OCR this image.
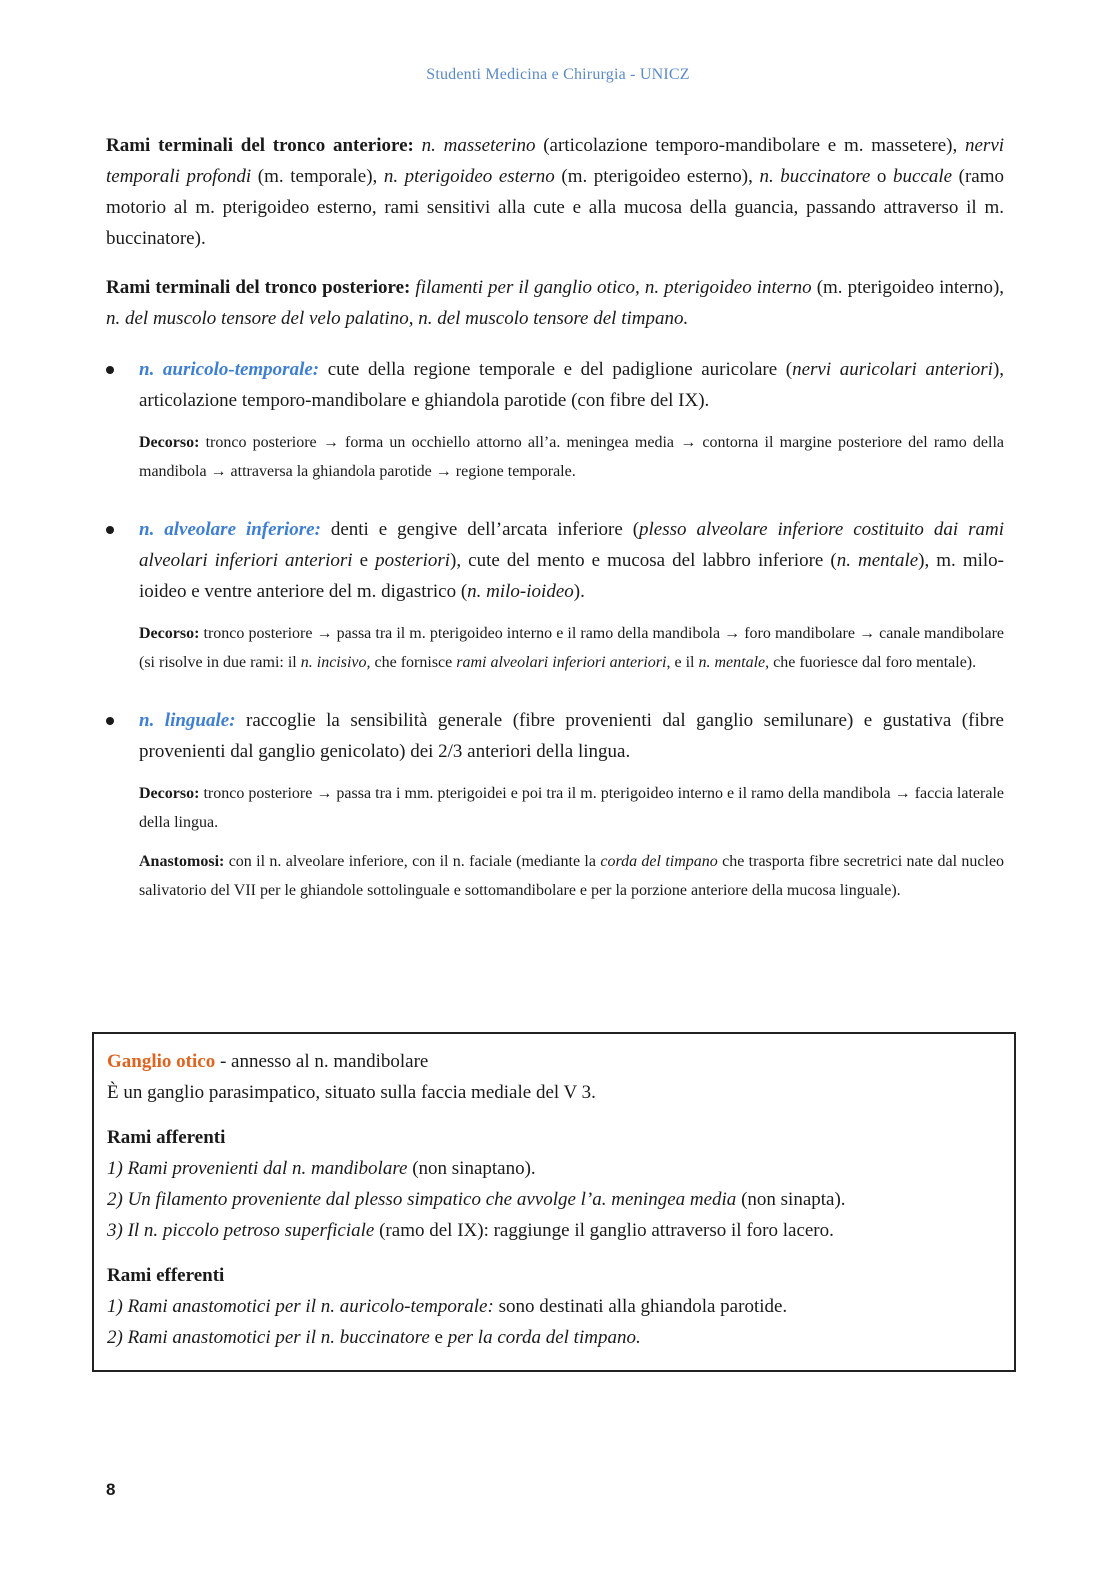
Studenti Medicina e Chirurgia - UNICZ

Rami terminali del tronco anteriore: n. masseterino (articolazione temporo-mandibolare e m. massetere), nervi temporali profondi (m. temporale), n. pterigoideo esterno (m. pterigoideo esterno), n. buccinatore o buccale (ramo motorio al m. pterigoideo esterno, rami sensitivi alla cute e alla mucosa della guancia, passando attraverso il m. buccinatore).

Rami terminali del tronco posteriore: filamenti per il ganglio otico, n. pterigoideo interno (m. pterigoideo interno), n. del muscolo tensore del velo palatino, n. del muscolo tensore del timpano.

n. auricolo-temporale: cute della regione temporale e del padiglione auricolare (nervi auricolari anteriori), articolazione temporo-mandibolare e ghiandola parotide (con fibre del IX).

Decorso: tronco posteriore → forma un occhiello attorno all’a. meningea media → contorna il margine posteriore del ramo della mandibola → attraversa la ghiandola parotide → regione temporale.

n. alveolare inferiore: denti e gengive dell’arcata inferiore (plesso alveolare inferiore costituito dai rami alveolari inferiori anteriori e posteriori), cute del mento e mucosa del labbro inferiore (n. mentale), m. milo-ioideo e ventre anteriore del m. digastrico (n. milo-ioideo).

Decorso: tronco posteriore → passa tra il m. pterigoideo interno e il ramo della mandibola → foro mandibolare → canale mandibolare (si risolve in due rami: il n. incisivo, che fornisce rami alveolari inferiori anteriori, e il n. mentale, che fuoriesce dal foro mentale).

n. linguale: raccoglie la sensibilità generale (fibre provenienti dal ganglio semilunare) e gustativa (fibre provenienti dal ganglio genicolato) dei 2/3 anteriori della lingua.

Decorso: tronco posteriore → passa tra i mm. pterigoidei e poi tra il m. pterigoideo interno e il ramo della mandibola → faccia laterale della lingua.

Anastomosi: con il n. alveolare inferiore, con il n. faciale (mediante la corda del timpano che trasporta fibre secretrici nate dal nucleo salivatorio del VII per le ghiandole sottolinguale e sottomandibolare e per la porzione anteriore della mucosa linguale).

Ganglio otico - annesso al n. mandibolare

È un ganglio parasimpatico, situato sulla faccia mediale del V 3.

Rami afferenti

1) Rami provenienti dal n. mandibolare (non sinaptano).

2) Un filamento proveniente dal plesso simpatico che avvolge l’a. meningea media (non sinapta).

3) Il n. piccolo petroso superficiale (ramo del IX): raggiunge il ganglio attraverso il foro lacero.

Rami efferenti

1) Rami anastomotici per il n. auricolo-temporale: sono destinati alla ghiandola parotide.

2) Rami anastomotici per il n. buccinatore e per la corda del timpano.

8
